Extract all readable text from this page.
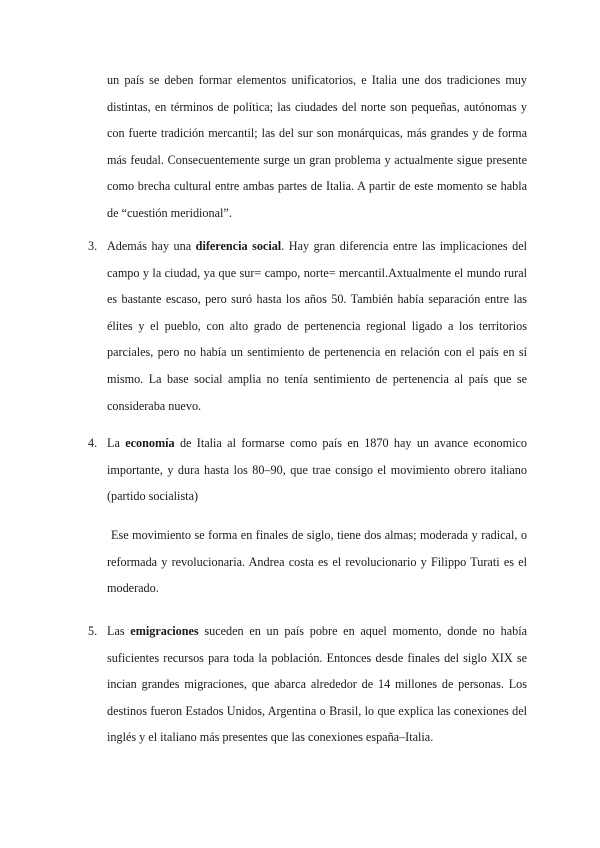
un país se deben formar elementos unificatorios, e Italia une dos tradiciones muy distintas, en términos de política; las ciudades del norte son pequeñas, autónomas y con fuerte tradición mercantil; las del sur son monárquicas, más grandes y de forma más feudal. Consecuentemente surge un gran problema y actualmente sigue presente como brecha cultural entre ambas partes de Italia. A partir de este momento se habla de “cuestión meridional”.

3. Además hay una diferencia social. Hay gran diferencia entre las implicaciones del campo y la ciudad, ya que sur= campo, norte= mercantil.Axtualmente el mundo rural es bastante escaso, pero suró hasta los años 50. También había separación entre las élites y el pueblo, con alto grado de pertenencia regional ligado a los territorios parciales, pero no había un sentimiento de pertenencia en relación con el país en sí mismo. La base social amplia no tenía sentimiento de pertenencia al país que se consideraba nuevo.

4. La economía de Italia al formarse como país en 1870 hay un avance economico importante, y dura hasta los 80–90, que trae consigo el movimiento obrero italiano (partido socialista)

Ese movimiento se forma en finales de siglo, tiene dos almas; moderada y radical, o reformada y revolucionaria. Andrea costa es el revolucionario y Filippo Turati es el moderado.

5. Las emigraciones suceden en un país pobre en aquel momento, donde no había suficientes recursos para toda la población. Entonces desde finales del siglo XIX se incian grandes migraciones, que abarca alrededor de 14 millones de personas. Los destinos fueron Estados Unidos, Argentina o Brasil, lo que explica las conexiones del inglés y el italiano más presentes que las conexiones españa–Italia.
